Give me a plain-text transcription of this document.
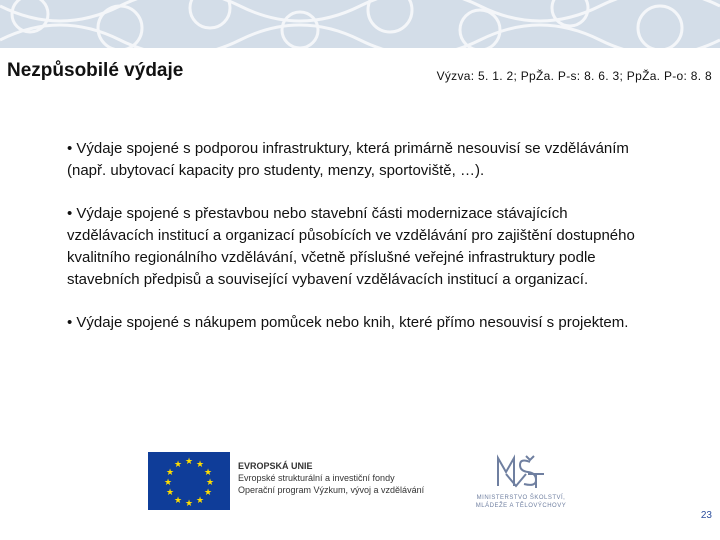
Nezpůsobilé výdaje	Výzva: 5. 1. 2; PpŽa. P-s: 8. 6. 3; PpŽa. P-o: 8. 8

• Výdaje spojené s podporou infrastruktury, která primárně nesouvisí se vzděláváním (např. ubytovací kapacity pro studenty, menzy, sportoviště, …).

• Výdaje spojené s přestavbou nebo stavební části modernizace stávajících vzdělávacích institucí a organizací působících ve vzdělávání pro zajištění dostupného kvalitního regionálního vzdělávání, včetně příslušné veřejné infrastruktury podle stavebních předpisů a související vybavení vzdělávacích institucí a organizací.

• Výdaje spojené s nákupem pomůcek nebo knih, které přímo nesouvisí s projektem.

★ ★
★
★
★
★
★
★
★
★
★
★	EVROPSKÁ UNIE
Evropské strukturální a investiční fondy
Operační program Výzkum, vývoj a vzdělávání
MINISTERSTVO ŠKOLSTVÍ,
MLÁDEŽE A TĚLOVÝCHOVY
23
